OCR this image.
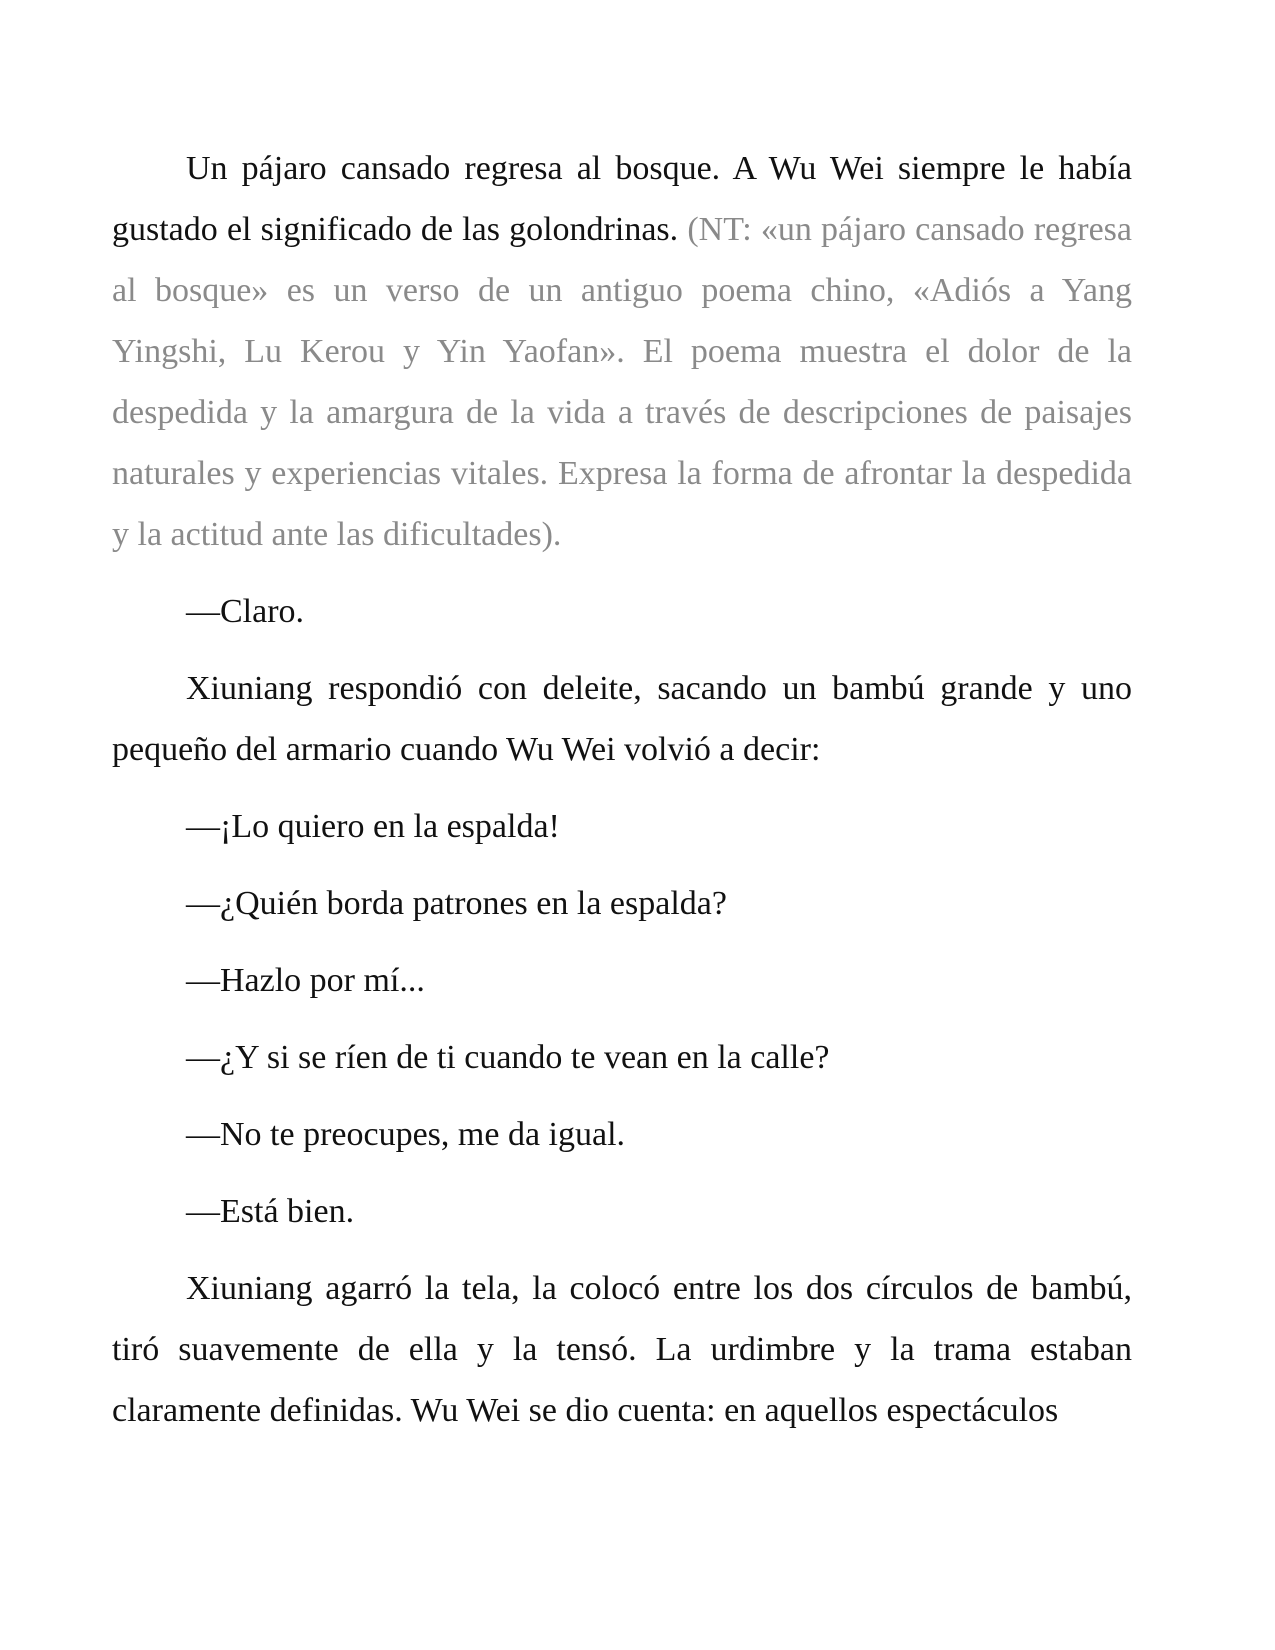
Un pájaro cansado regresa al bosque. A Wu Wei siempre le había gustado el significado de las golondrinas. (NT: «un pájaro cansado regresa al bosque» es un verso de un antiguo poema chino, «Adiós a Yang Yingshi, Lu Kerou y Yin Yaofan». El poema muestra el dolor de la despedida y la amargura de la vida a través de descripciones de paisajes naturales y experiencias vitales. Expresa la forma de afrontar la despedida y la actitud ante las dificultades).

—Claro.

Xiuniang respondió con deleite, sacando un bambú grande y uno pequeño del armario cuando Wu Wei volvió a decir:

—¡Lo quiero en la espalda!

—¿Quién borda patrones en la espalda?

—Hazlo por mí...

—¿Y si se ríen de ti cuando te vean en la calle?

—No te preocupes, me da igual.

—Está bien.

Xiuniang agarró la tela, la colocó entre los dos círculos de bambú, tiró suavemente de ella y la tensó. La urdimbre y la trama estaban claramente definidas. Wu Wei se dio cuenta: en aquellos espectáculos
